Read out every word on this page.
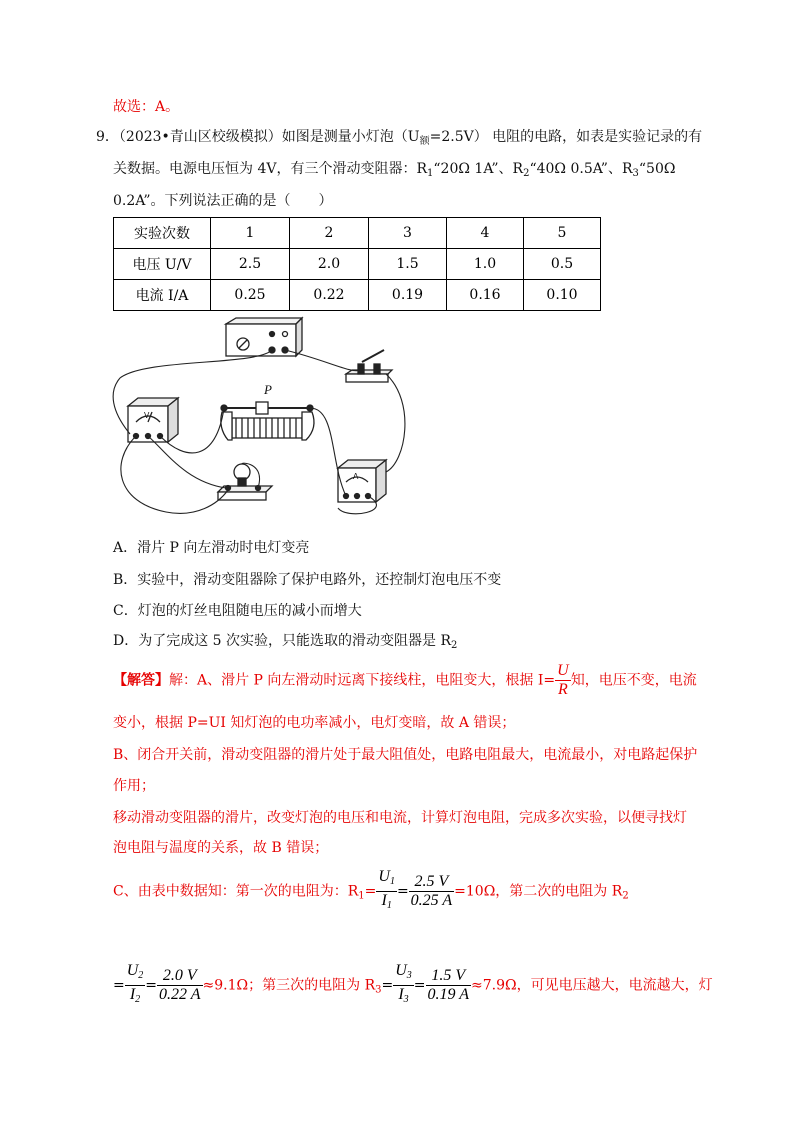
故选：A。
9．（2023•青山区校级模拟）如图是测量小灯泡$(U_额=2.5V)$ 电阻的电路，如表是实验记录的有
关数据。电源电压恒为 4V，有三个滑动变阻器：$R_1“20\Omega$ 1A”、$R_2“40\Omega$ 0.5A”、$R_3“50\Omega$
0.2A”。下列说法正确的是（　　）
实验次数	1	2	3	4	5
电压 U/V	2.5	2.0	1.5	1.0	0.5
电流 I/A	0.25	0.22	0.19	0.16	0.10
P
A
V
A．滑片 P 向左滑动时电灯变亮
B．实验中，滑动变阻器除了保护电路外，还控制灯泡电压不变
C．灯泡的灯丝电阻随电压的减小而增大
D．为了完成这 5 次实验，只能选取的滑动变阻器是 $R_2$
【解答】解：A、滑片 P 向左滑动时远离下接线柱，电阻变大，根据 $I= \frac{U}{R}$ 知，电压不变，电流
变小，根据 P=UI 知灯泡的电功率减小，电灯变暗，故 A 错误；
B、闭合开关前，滑动变阻器的滑片处于最大阻值处，电路电阻最大，电流最小，对电路起保护
作用；
移动滑动变阻器的滑片，改变灯泡的电压和电流，计算灯泡电阻，完成多次实验，以便寻找灯
泡电阻与温度的关系，故 B 错误；
C、由表中数据知：第一次的电阻为：$R_1= \frac{U_1}{I_1} = \frac{2.5 V}{0.25 A} =10\Omega$，第二次的电阻为 $R_2$
= $\frac{U_2}{I_2} = \frac{2.0 V}{0.22 A} \approx 9.1\Omega$；第三次的电阻为 $R_3= \frac{U_3}{I_3} = \frac{1.5 V}{0.19 A} \approx 7.9\Omega$，可见电压越大，电流越大，灯
